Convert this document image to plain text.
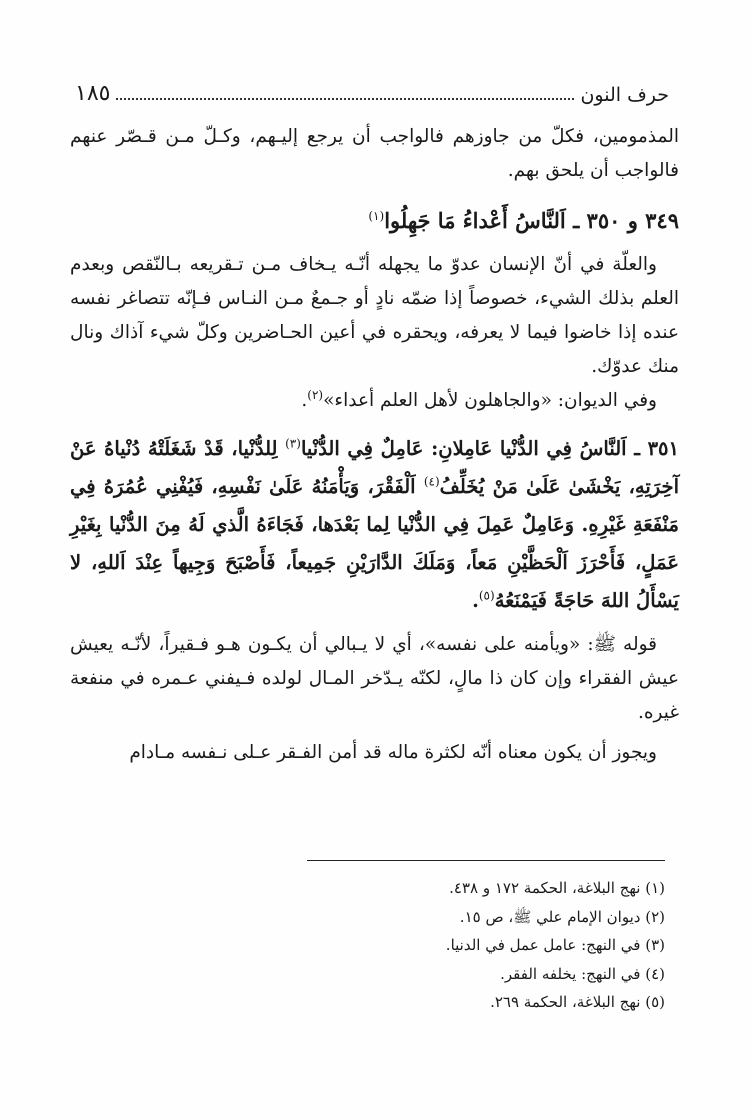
حرف النون
١٨٥

المذمومين، فكلّ من جاوزهم فالواجب أن يرجع إليـهم، وكـلّ مـن قـصّر عنهم فالواجب أن يلحق بهم.

٣٤٩ و ٣٥٠ ـ اَلنَّاسُ أَعْداءُ مَا جَهِلُوا$^{(١)}$

والعلّة في أنّ الإنسان عدوّ ما يجهله أنّـه يـخاف مـن تـقريعه بـالنّقص وبعدم العلم بذلك الشيء، خصوصاً إذا ضمّه نادٍ أو جـمعٌ مـن النـاس فـإنّه تتصاغر نفسه عنده إذا خاضوا فيما لا يعرفه، ويحقره في أعين الحـاضرين وكلّ شيء آذاك ونال منك عدوّك.

وفي الديوان: «والجاهلون لأهل العلم أعداء»$^{(٢)}$.

٣٥١ ـ اَلنَّاسُ فِي الدُّنْيا عَامِلانِ: عَامِلٌ فِي الدُّنْيا$^{(٣)}$ لِلدُّنْيا، قَدْ شَغَلَتْهُ دُنْياهُ عَنْ آخِرَتِهِ، يَخْشَىٰ عَلَىٰ مَنْ يُخَلِّفُ$^{(٤)}$ اَلْفَقْرَ، وَيَأْمَنُهُ عَلَىٰ نَفْسِهِ، فَيُفْنِي عُمُرَهُ فِي مَنْفَعَةِ غَيْرِهِ. وَعَامِلٌ عَمِلَ فِي الدُّنْيا لِما بَعْدَها، فَجَاءَهُ الَّذي لَهُ مِنَ الدُّنْيا بِغَيْرِ عَمَلٍ، فَأَحْرَزَ اَلْحَظَّيْنِ مَعاً، وَمَلَكَ الدَّارَيْنِ جَمِيعاً، فَأَصْبَحَ وَجِيهاً عِنْدَ اَللهِ، لا يَسْأَلُ اللهَ حَاجَةً فَيَمْنَعُهُ$^{(٥)}$.

قوله ﷺ: «ويأمنه على نفسه»، أي لا يـبالي أن يكـون هـو فـقيراً، لأنّـه يعيش عيش الفقراء وإن كان ذا مالٍ، لكنّه يـدّخر المـال لولده فـيفني عـمره في منفعة غيره.

ويجوز أن يكون معناه أنّه لكثرة ماله قد أمن الفـقر عـلى نـفسه مـادام

(١) نهج البلاغة، الحكمة ١٧٢ و ٤٣٨.

(٢) ديوان الإمام علي ﷺ، ص ١٥.

(٣) في النهج: عامل عمل في الدنيا.

(٤) في النهج: يخلفه الفقر.

(٥) نهج البلاغة، الحكمة ٢٦٩.
